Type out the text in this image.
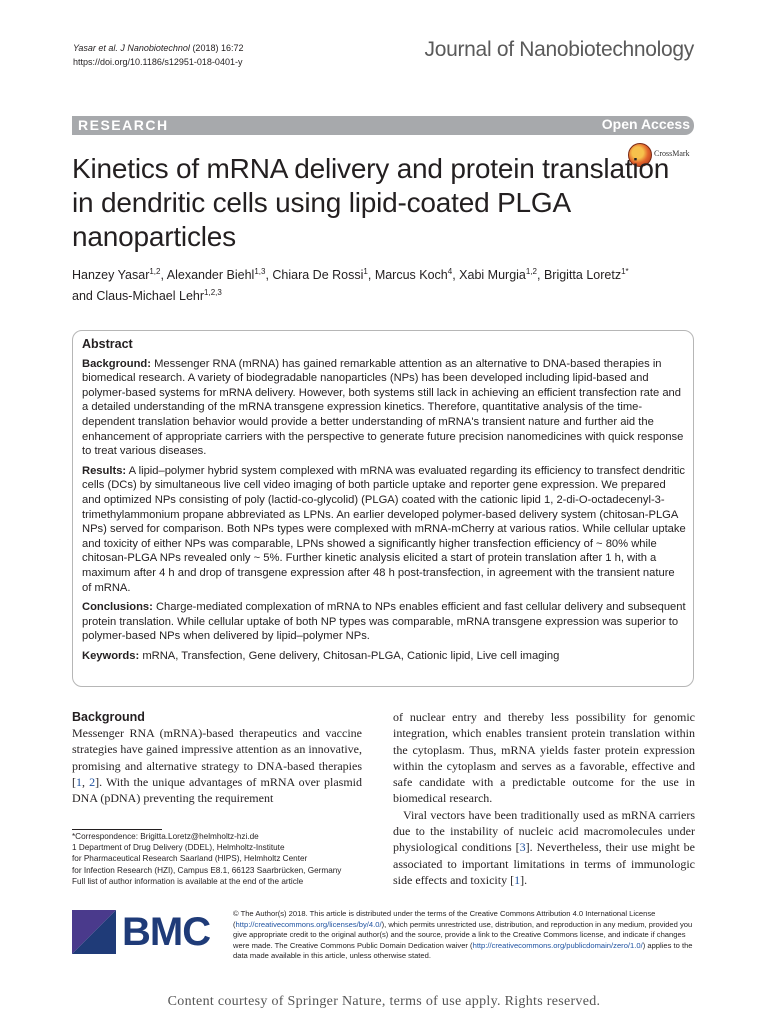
Yasar et al. J Nanobiotechnol (2018) 16:72
https://doi.org/10.1186/s12951-018-0401-y
Journal of Nanobiotechnology
RESEARCH	Open Access
CrossMark
Kinetics of mRNA delivery and protein translation in dendritic cells using lipid-coated PLGA nanoparticles
Hanzey Yasar$^{1,2}$, Alexander Biehl$^{1,3}$, Chiara De Rossi$^1$, Marcus Koch$^4$, Xabi Murgia$^{1,2}$, Brigitta Loretz$^{1*}$
and Claus-Michael Lehr$^{1,2,3}$
Abstract

Background: Messenger RNA (mRNA) has gained remarkable attention as an alternative to DNA-based therapies in biomedical research. A variety of biodegradable nanoparticles (NPs) has been developed including lipid-based and polymer-based systems for mRNA delivery. However, both systems still lack in achieving an efficient transfection rate and a detailed understanding of the mRNA transgene expression kinetics. Therefore, quantitative analysis of the time-dependent translation behavior would provide a better understanding of mRNA's transient nature and further aid the enhancement of appropriate carriers with the perspective to generate future precision nanomedicines with quick response to treat various diseases.

Results: A lipid–polymer hybrid system complexed with mRNA was evaluated regarding its efficiency to transfect dendritic cells (DCs) by simultaneous live cell video imaging of both particle uptake and reporter gene expression. We prepared and optimized NPs consisting of poly (lactid-co-glycolid) (PLGA) coated with the cationic lipid 1, 2-di-O-octadecenyl-3-trimethylammonium propane abbreviated as LPNs. An earlier developed polymer-based delivery system (chitosan-PLGA NPs) served for comparison. Both NPs types were complexed with mRNA-mCherry at various ratios. While cellular uptake and toxicity of either NPs was comparable, LPNs showed a significantly higher transfection efficiency of ~ 80% while chitosan-PLGA NPs revealed only ~ 5%. Further kinetic analysis elicited a start of protein translation after 1 h, with a maximum after 4 h and drop of transgene expression after 48 h post-transfection, in agreement with the transient nature of mRNA.

Conclusions: Charge-mediated complexation of mRNA to NPs enables efficient and fast cellular delivery and subsequent protein translation. While cellular uptake of both NP types was comparable, mRNA transgene expression was superior to polymer-based NPs when delivered by lipid–polymer NPs.

Keywords: mRNA, Transfection, Gene delivery, Chitosan-PLGA, Cationic lipid, Live cell imaging

Background
Messenger RNA (mRNA)-based therapeutics and vaccine strategies have gained impressive attention as an innovative, promising and alternative strategy to DNA-based therapies [1, 2]. With the unique advantages of mRNA over plasmid DNA (pDNA) preventing the requirement

of nuclear entry and thereby less possibility for genomic integration, which enables transient protein translation within the cytoplasm. Thus, mRNA yields faster protein expression within the cytoplasm and serves as a favorable, effective and safe candidate with a predictable outcome for the use in biomedical research.

Viral vectors have been traditionally used as mRNA carriers due to the instability of nucleic acid macromolecules under physiological conditions [3]. Nevertheless, their use might be associated to important limitations in terms of immunologic side effects and toxicity [1].

*Correspondence: Brigitta.Loretz@helmholtz-hzi.de
1 Department of Drug Delivery (DDEL), Helmholtz-Institute
for Pharmaceutical Research Saarland (HIPS), Helmholtz Center
for Infection Research (HZI), Campus E8.1, 66123 Saarbrücken, Germany
Full list of author information is available at the end of the article
BMC	© The Author(s) 2018. This article is distributed under the terms of the Creative Commons Attribution 4.0 International License (http://creativecommons.org/licenses/by/4.0/), which permits unrestricted use, distribution, and reproduction in any medium, provided you give appropriate credit to the original author(s) and the source, provide a link to the Creative Commons license, and indicate if changes were made. The Creative Commons Public Domain Dedication waiver (http://creativecommons.org/publicdomain/zero/1.0/) applies to the data made available in this article, unless otherwise stated.
Content courtesy of Springer Nature, terms of use apply. Rights reserved.
